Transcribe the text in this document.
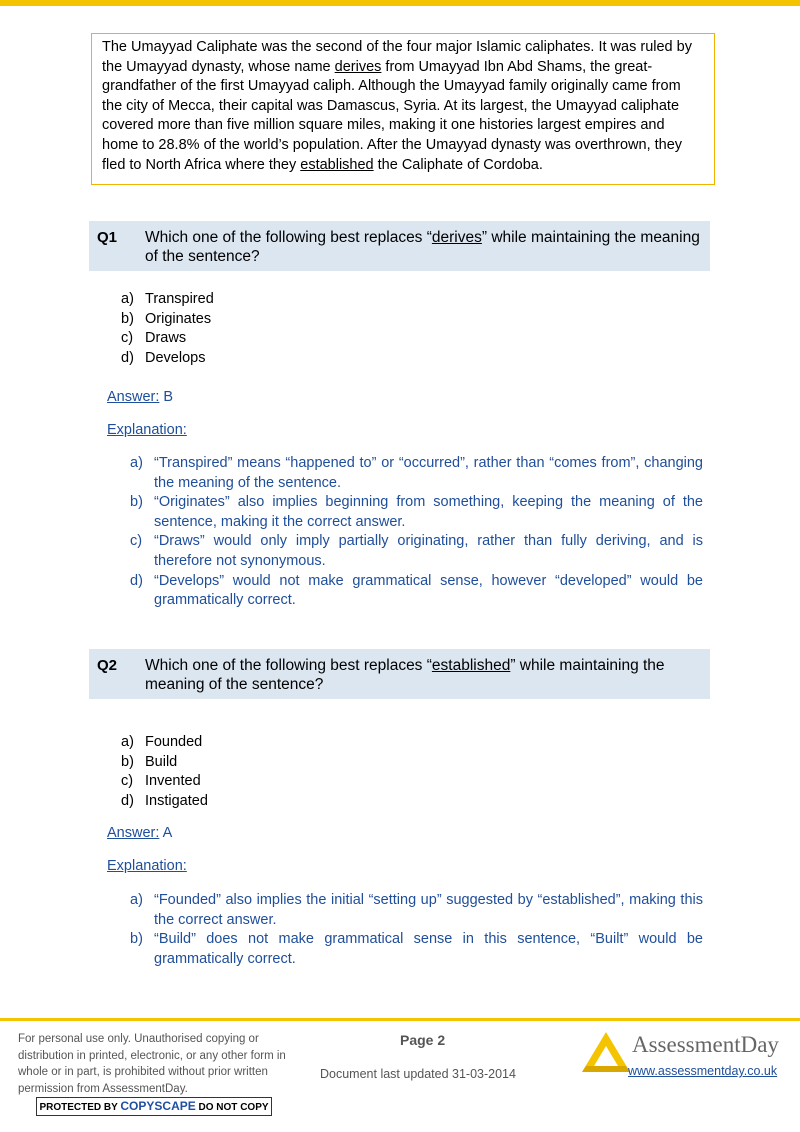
The Umayyad Caliphate was the second of the four major Islamic caliphates. It was ruled by the Umayyad dynasty, whose name derives from Umayyad Ibn Abd Shams, the great-grandfather of the first Umayyad caliph. Although the Umayyad family originally came from the city of Mecca, their capital was Damascus, Syria. At its largest, the Umayyad caliphate covered more than five million square miles, making it one histories largest empires and home to 28.8% of the world’s population. After the Umayyad dynasty was overthrown, they fled to North Africa where they established the Caliphate of Cordoba.
Q1 Which one of the following best replaces “derives” while maintaining the meaning of the sentence?
a) Transpired
b) Originates
c) Draws
d) Develops
Answer: B
Explanation:
a) “Transpired” means “happened to” or “occurred”, rather than “comes from”, changing the meaning of the sentence.
b) “Originates” also implies beginning from something, keeping the meaning of the sentence, making it the correct answer.
c) “Draws” would only imply partially originating, rather than fully deriving, and is therefore not synonymous.
d) “Develops” would not make grammatical sense, however “developed” would be grammatically correct.
Q2 Which one of the following best replaces “established” while maintaining the meaning of the sentence?
a) Founded
b) Build
c) Invented
d) Instigated
Answer: A
Explanation:
a) “Founded” also implies the initial “setting up” suggested by “established”, making this the correct answer.
b) “Build” does not make grammatical sense in this sentence, “Built” would be grammatically correct.
For personal use only. Unauthorised copying or distribution in printed, electronic, or any other form in whole or in part, is prohibited without prior written permission from AssessmentDay.
PROTECTED BY COPYSCAPE DO NOT COPY
Page 2
Document last updated 31-03-2014
AssessmentDay
www.assessmentday.co.uk
